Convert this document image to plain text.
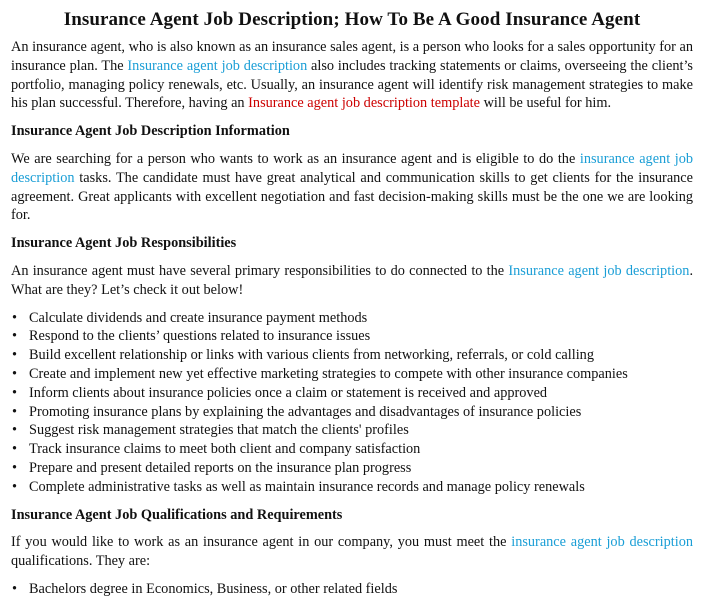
Insurance Agent Job Description; How To Be A Good Insurance Agent

An insurance agent, who is also known as an insurance sales agent, is a person who looks for a sales opportunity for an insurance plan. The Insurance agent job description also includes tracking statements or claims, overseeing the client’s portfolio, managing policy renewals, etc. Usually, an insurance agent will identify risk management strategies to make his plan successful. Therefore, having an Insurance agent job description template will be useful for him.

Insurance Agent Job Description Information

We are searching for a person who wants to work as an insurance agent and is eligible to do the insurance agent job description tasks. The candidate must have great analytical and communication skills to get clients for the insurance agreement. Great applicants with excellent negotiation and fast decision-making skills must be the one we are looking for.

Insurance Agent Job Responsibilities

An insurance agent must have several primary responsibilities to do connected to the Insurance agent job description. What are they? Let’s check it out below!

• Calculate dividends and create insurance payment methods
• Respond to the clients’ questions related to insurance issues
• Build excellent relationship or links with various clients from networking, referrals, or cold calling
• Create and implement new yet effective marketing strategies to compete with other insurance companies
• Inform clients about insurance policies once a claim or statement is received and approved
• Promoting insurance plans by explaining the advantages and disadvantages of insurance policies
• Suggest risk management strategies that match the clients' profiles
• Track insurance claims to meet both client and company satisfaction
• Prepare and present detailed reports on the insurance plan progress
• Complete administrative tasks as well as maintain insurance records and manage policy renewals
Insurance Agent Job Qualifications and Requirements

If you would like to work as an insurance agent in our company, you must meet the insurance agent job description qualifications. They are:

• Bachelors degree in Economics, Business, or other related fields
